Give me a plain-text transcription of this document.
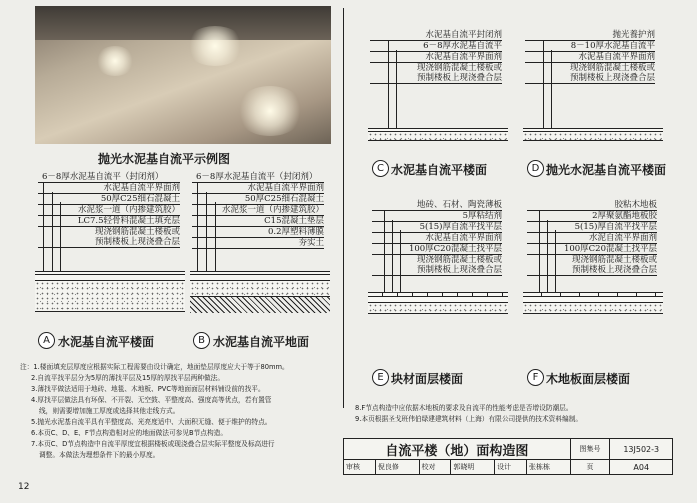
抛光水泥基自流平示例图
6－8厚水泥基自流平（封闭剂）
水泥基自流平界面剂
50厚C25细石混凝土
水泥浆一道（内掺建筑胶）
LC7.5轻骨料混凝土填充层
现浇钢筋混凝土楼板或
预制楼板上现浇叠合层
A 水泥基自流平楼面
6－8厚水泥基自流平（封闭剂）
水泥基自流平界面剂
50厚C25细石混凝土
水泥浆一道（内掺建筑胶）
C15混凝土垫层
0.2厚塑料薄膜
夯实土
B 水泥基自流平地面
水泥基自流平封闭剂
6－8厚水泥基自流平
水泥基自流平界面剂
现浇钢筋混凝土楼板或
预制楼板上现浇叠合层
C 水泥基自流平楼面
抛光養护剂
8－10厚水泥基自流平
水泥基自流平界面剂
现浇钢筋混凝土楼板或
预制楼板上现浇叠合层
D 抛光水泥基自流平楼面
地砖、石材、陶瓷薄板
5厚粘结剂
5(15)厚自流平找平层
水泥基自流平界面剂
100厚C20混凝土找平层
现浇钢筋混凝土楼板或
预制楼板上现浇叠合层
E 块材面层楼面
胶粘木地板
2厚聚氨酯地板胶
5(15)厚自流平找平层
水泥自流平界面剂
100厚C20混凝土找平层
现浇钢筋混凝土楼板或
预制楼板上现浇叠合层
F 木地板面层楼面
注：1.楼面填充层厚度应根据实际工程需要由设计确定，地面垫层厚度应大于等于80mm。
2.自流平找平层分为5厚的薄找平层及15厚的厚找平层两种做法。
3.薄找平做法适用于地砖、地毯、木地板、PVC等地面面层材料铺设前的找平。
4.厚找平层做法具有环保、不开裂、无空鼓、平整度高、强度高等优点，若有置管
线，则需要增加施工厚度或选择其他走线方式。
5.抛光水泥基自流平具有平整度高、光亮度适中、大面积无缝、便于维护的特点。
6.本页C、D、E、F节点构造相对应的地面做法可参见B节点构造。
7.本页C、D节点构造中自流平厚度宜根据楼板或现浇叠合层实际平整度及标高进行
调整。本做法为理想条件下的最小厚度。
8.F节点构造中应依据木地板的要求及自流平的性能考虑是否增设防潮层。
9.本页根据圣戈班伟伯绿建建筑材料（上海）有限公司提供的技术资料编制。
自流平楼（地）面构造图						图集号	13J502-3
审核	倪良修	校对	郭晓明	设计	张栋栋	页	A04
12
